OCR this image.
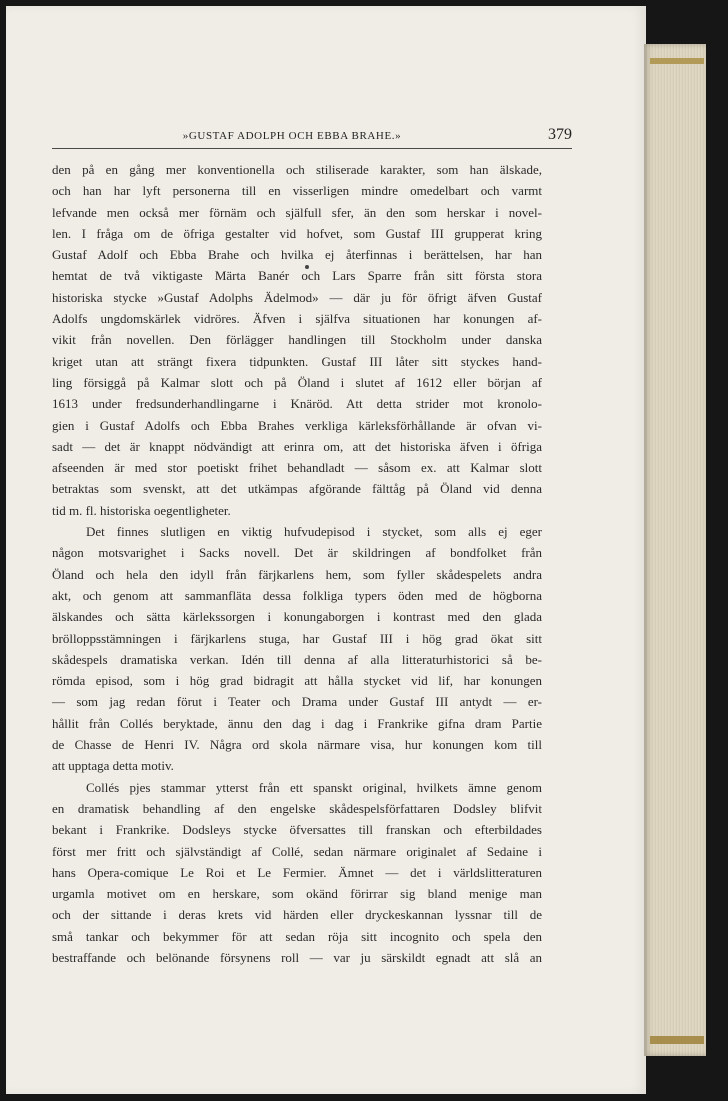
»GUSTAF ADOLPH OCH EBBA BRAHE.»	379
den på en gång mer konventionella och stiliserade karakter, som han älskade,
och han har lyft personerna till en visserligen mindre omedelbart och varmt
lefvande men också mer förnäm och själfull sfer, än den som herskar i novel-
len. I fråga om de öfriga gestalter vid hofvet, som Gustaf III grupperat kring
Gustaf Adolf och Ebba Brahe och hvilka ej återfinnas i berättelsen, har han
hemtat de två viktigaste Märta Banér och Lars Sparre från sitt första stora
historiska stycke »Gustaf Adolphs Ädelmod» — där ju för öfrigt äfven Gustaf
Adolfs ungdomskärlek vidröres. Äfven i själfva situationen har konungen af-
vikit från novellen. Den förlägger handlingen till Stockholm under danska
kriget utan att strängt fixera tidpunkten. Gustaf III låter sitt styckes hand-
ling försiggå på Kalmar slott och på Öland i slutet af 1612 eller början af
1613 under fredsunderhandlingarne i Knäröd. Att detta strider mot kronolo-
gien i Gustaf Adolfs och Ebba Brahes verkliga kärleksförhållande är ofvan vi-
sadt — det är knappt nödvändigt att erinra om, att det historiska äfven i öfriga
afseenden är med stor poetiskt frihet behandladt — såsom ex. att Kalmar slott
betraktas som svenskt, att det utkämpas afgörande fälttåg på Öland vid denna
tid m. fl. historiska oegentligheter.
Det finnes slutligen en viktig hufvudepisod i stycket, som alls ej eger
någon motsvarighet i Sacks novell. Det är skildringen af bondfolket från
Öland och hela den idyll från färjkarlens hem, som fyller skådespelets andra
akt, och genom att sammanfläta dessa folkliga typers öden med de högborna
älskandes och sätta kärlekssorgen i konungaborgen i kontrast med den glada
brölloppsstämningen i färjkarlens stuga, har Gustaf III i hög grad ökat sitt
skådespels dramatiska verkan. Idén till denna af alla litteraturhistorici så be-
römda episod, som i hög grad bidragit att hålla stycket vid lif, har konungen
— som jag redan förut i Teater och Drama under Gustaf III antydt — er-
hållit från Collés beryktade, ännu den dag i dag i Frankrike gifna dram Partie
de Chasse de Henri IV. Några ord skola närmare visa, hur konungen kom till
att upptaga detta motiv.
Collés pjes stammar ytterst från ett spanskt original, hvilkets ämne genom
en dramatisk behandling af den engelske skådespelsförfattaren Dodsley blifvit
bekant i Frankrike. Dodsleys stycke öfversattes till franskan och efterbildades
först mer fritt och självständigt af Collé, sedan närmare originalet af Sedaine i
hans Opera-comique Le Roi et Le Fermier. Ämnet — det i världslitteraturen
urgamla motivet om en herskare, som okänd förirrar sig bland menige man
och der sittande i deras krets vid härden eller dryckeskannan lyssnar till de
små tankar och bekymmer för att sedan röja sitt incognito och spela den
bestraffande och belönande försynens roll — var ju särskildt egnadt att slå an
